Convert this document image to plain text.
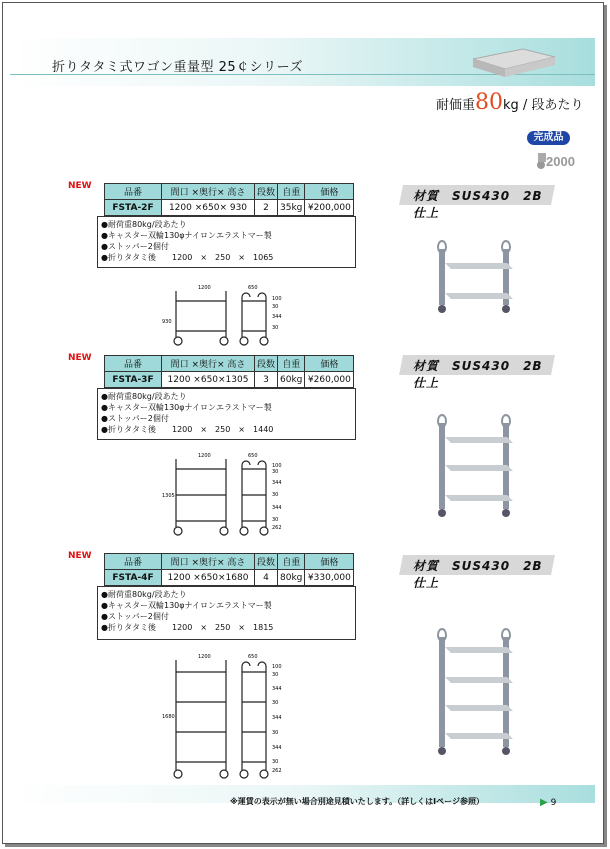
折りタタミ式ワゴン重量型 25￠シリーズ
耐価重80kg / 段あたり
完成品
2000
NEW
品番	間口 ×奥行× 高さ	段数	自重	価格
FSTA-2F	1200 ×650× 930	2	35kg	¥200,000
●耐荷重80kg/段あたり
●キャスター双輪130φナイロンエラストマー製
●ストッパー2個付
●折りタタミ後　　1200　×　250　×　1065
材質　SUS430　2B仕上
1200	650
930
100
30
344
30
NEW
品番	間口 ×奥行× 高さ	段数	自重	価格
FSTA-3F	1200 ×650×1305	3	60kg	¥260,000
●耐荷重80kg/段あたり
●キャスター双輪130φナイロンエラストマー製
●ストッパー2個付
●折りタタミ後　　1200　×　250　×　1440
材質　SUS430　2B仕上
1200	650
1305
100
30
344
30
344
30
262
NEW
品番	間口 ×奥行× 高さ	段数	自重	価格
FSTA-4F	1200 ×650×1680	4	80kg	¥330,000
●耐荷重80kg/段あたり
●キャスター双輪130φナイロンエラストマー製
●ストッパー2個付
●折りタタミ後　　1200　×　250　×　1815
材質　SUS430　2B仕上
1200	650
1680
100
30
344
30
344
30
344
30
262
※運賃の表示が無い場合別途見積いたします。（詳しくはIページ参照）	▶ 9
